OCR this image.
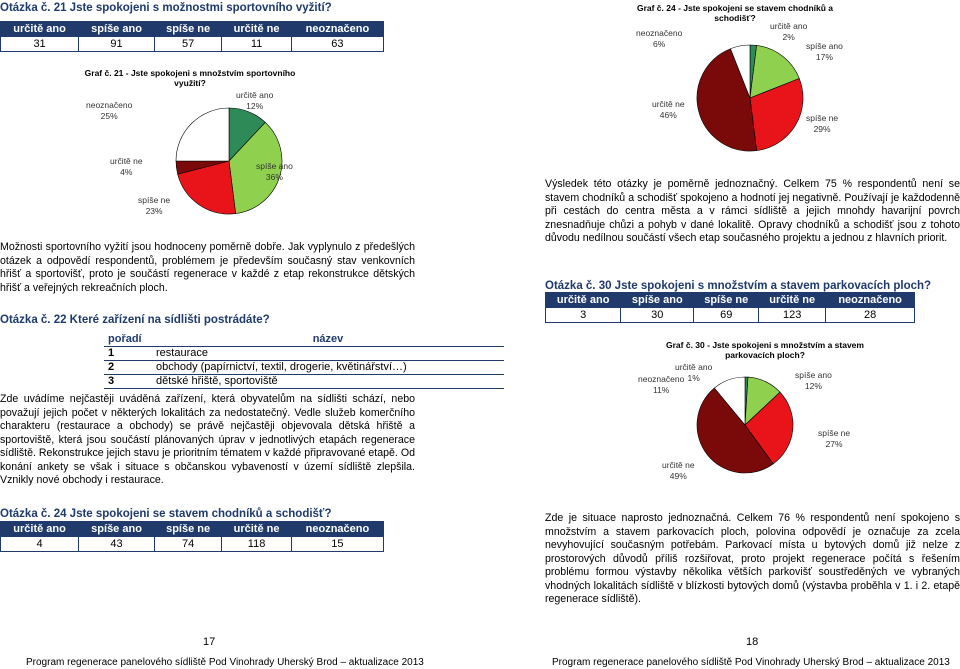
Otázka č. 21 Jste spokojeni s možnostmi sportovního vyžití?
určitě ano	spíše ano	spíše ne	určitě ne	neoznačeno
31	91	57	11	63
Graf č. 21 - Jste spokojeni s množstvím sportovního využití?
určitě ano
12%
spíše ano
36%
spíše ne
23%
určitě ne
4%
neoznačeno
25%
Možnosti sportovního vyžití jsou hodnoceny poměrně dobře. Jak vyplynulo z předešlých otázek a odpovědí respondentů, problémem je především současný stav venkovních hřišť a sportovišť, proto je součástí regenerace v každé z etap rekonstrukce dětských hřišť a veřejných rekreačních ploch.
Otázka č. 22 Které zařízení na sídlišti postrádáte?
pořadí	název
1	restaurace
2	obchody (papírnictví, textil, drogerie, květinářství…)
3	dětské hřiště, sportoviště
Zde uvádíme nejčastěji uváděná zařízení, která obyvatelům na sídlišti schází, nebo považují jejich počet v některých lokalitách za nedostatečný. Vedle služeb komerčního charakteru (restaurace a obchody) se právě nejčastěji objevovala dětská hřiště a sportoviště, která jsou součástí plánovaných úprav v jednotlivých etapách regenerace sídliště. Rekonstrukce jejich stavu je prioritním tématem v každé připravované etapě. Od konání ankety se však i situace s občanskou vybaveností v území sídliště zlepšila. Vznikly nové obchody i restaurace.
Otázka č. 24 Jste spokojeni se stavem chodníků a schodišť?
určitě ano	spíše ano	spíše ne	určitě ne	neoznačeno
4	43	74	118	15
17
Program regenerace panelového sídliště Pod Vinohrady Uherský Brod – aktualizace 2013
Graf č. 24 - Jste spokojeni se stavem chodníků a schodišť?
určitě ano
2%
spíše ano
17%
spíše ne
29%
určitě ne
46%
neoznačeno
6%
Výsledek této otázky je poměrně jednoznačný. Celkem 75 % respondentů není se stavem chodníků a schodišť spokojeno a hodnotí jej negativně. Používají je každodenně při cestách do centra města a v rámci sídliště a jejich mnohdy havarijní povrch znesnadňuje chůzi a pohyb v dané lokalitě. Opravy chodníků a schodišť jsou z tohoto důvodu nedílnou součástí všech etap současného projektu a jednou z hlavních priorit.
Otázka č. 30 Jste spokojeni s množstvím a stavem parkovacích ploch?
určitě ano	spíše ano	spíše ne	určitě ne	neoznačeno
3	30	69	123	28
Graf č. 30 - Jste spokojeni s množstvím a stavem parkovacích ploch?
určitě ano
1%	spíše ano
12%
spíše ne
27%
určitě ne
49%
neoznačeno
11%
Zde je situace naprosto jednoznačná. Celkem 76 % respondentů není spokojeno s množstvím a stavem parkovacích ploch, polovina odpovědí je označuje za zcela nevyhovující současným potřebám. Parkovací místa u bytových domů již nelze z prostorových důvodů příliš rozšiřovat, proto projekt regenerace počítá s řešením problému formou výstavby několika větších parkovišť soustředěných ve vybraných vhodných lokalitách sídliště v blízkosti bytových domů (výstavba proběhla v 1. i 2. etapě regenerace sídliště).
18
Program regenerace panelového sídliště Pod Vinohrady Uherský Brod – aktualizace 2013
